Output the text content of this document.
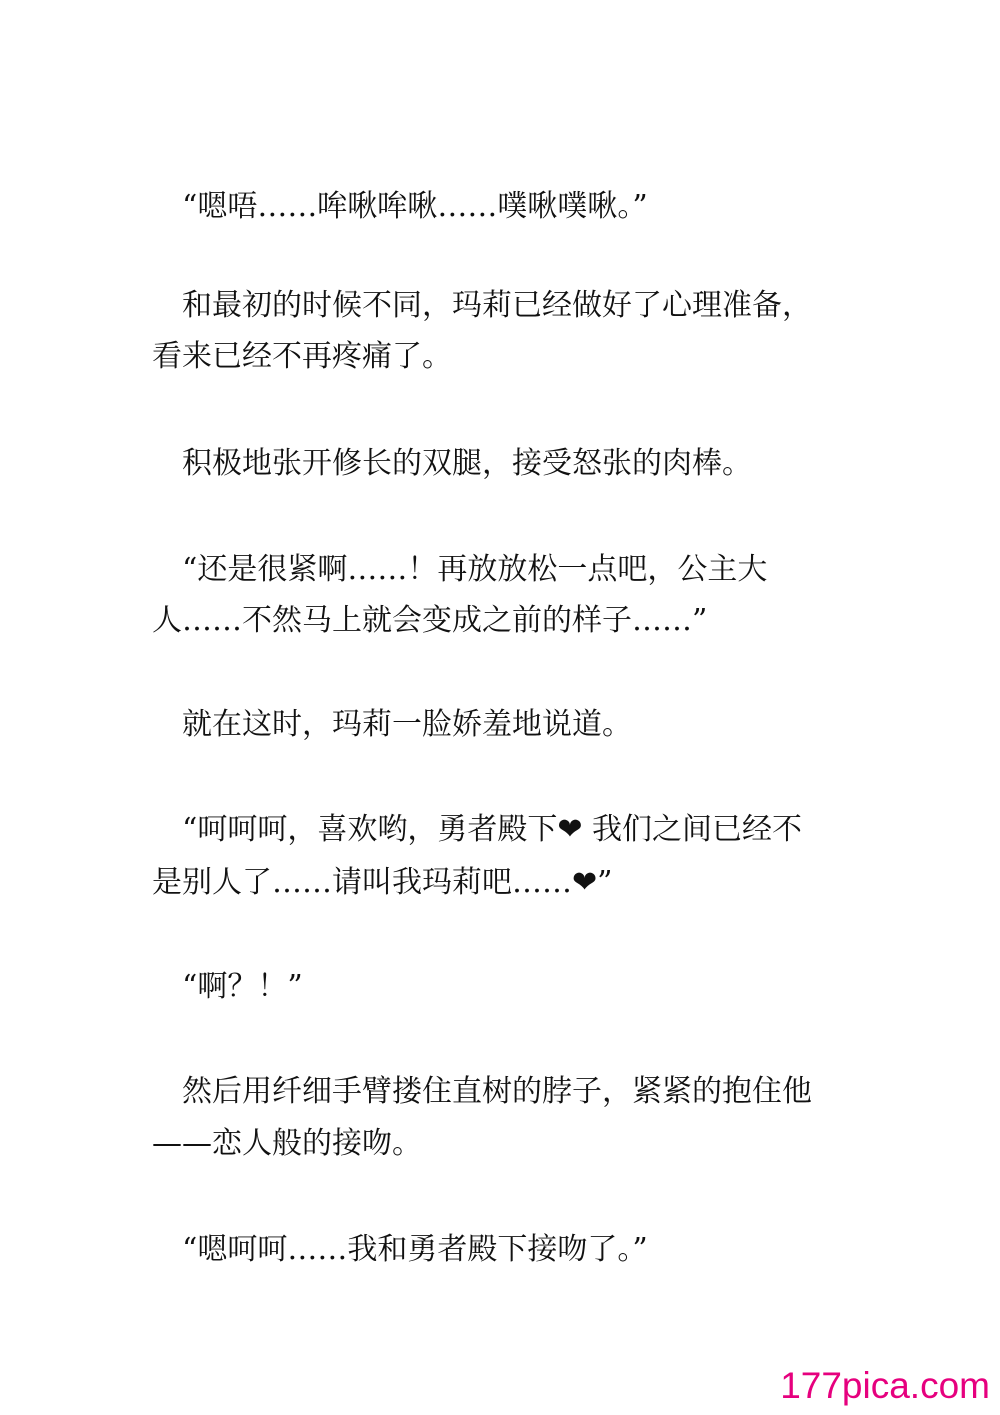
　“嗯唔……哞啾哞啾……噗啾噗啾。”
　和最初的时候不同，玛莉已经做好了心理准备，
看来已经不再疼痛了。
　积极地张开修长的双腿，接受怒张的肉棒。
　“还是很紧啊……！再放放松一点吧，公主大
人……不然马上就会变成之前的样子……”
　就在这时，玛莉一脸娇羞地说道。
　“呵呵呵，喜欢哟，勇者殿下❤ 我们之间已经不
是别人了……请叫我玛莉吧……❤”
　“啊？！”
　然后用纤细手臂搂住直树的脖子，紧紧的抱住他
——恋人般的接吻。
　“嗯呵呵……我和勇者殿下接吻了。”
177pica.com
